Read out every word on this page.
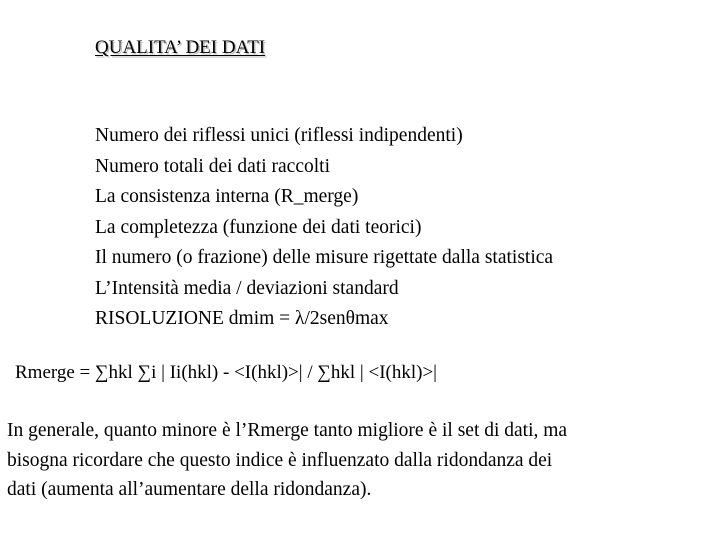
QUALITA’ DEI DATI
Numero dei riflessi unici (riflessi indipendenti)
Numero totali dei dati raccolti
La consistenza interna (R_merge)
La completezza (funzione dei dati teorici)
Il numero (o frazione) delle misure rigettate dalla statistica
L’Intensità media / deviazioni standard
RISOLUZIONE dmim = λ/2senθmax
Rmerge = ∑hkl ∑i | Ii(hkl) - <I(hkl)>| / ∑hkl | <I(hkl)>|
In generale, quanto minore è l’Rmerge tanto migliore è il set di dati, ma
bisogna ricordare che questo indice è influenzato dalla ridondanza dei
dati (aumenta all’aumentare della ridondanza).
